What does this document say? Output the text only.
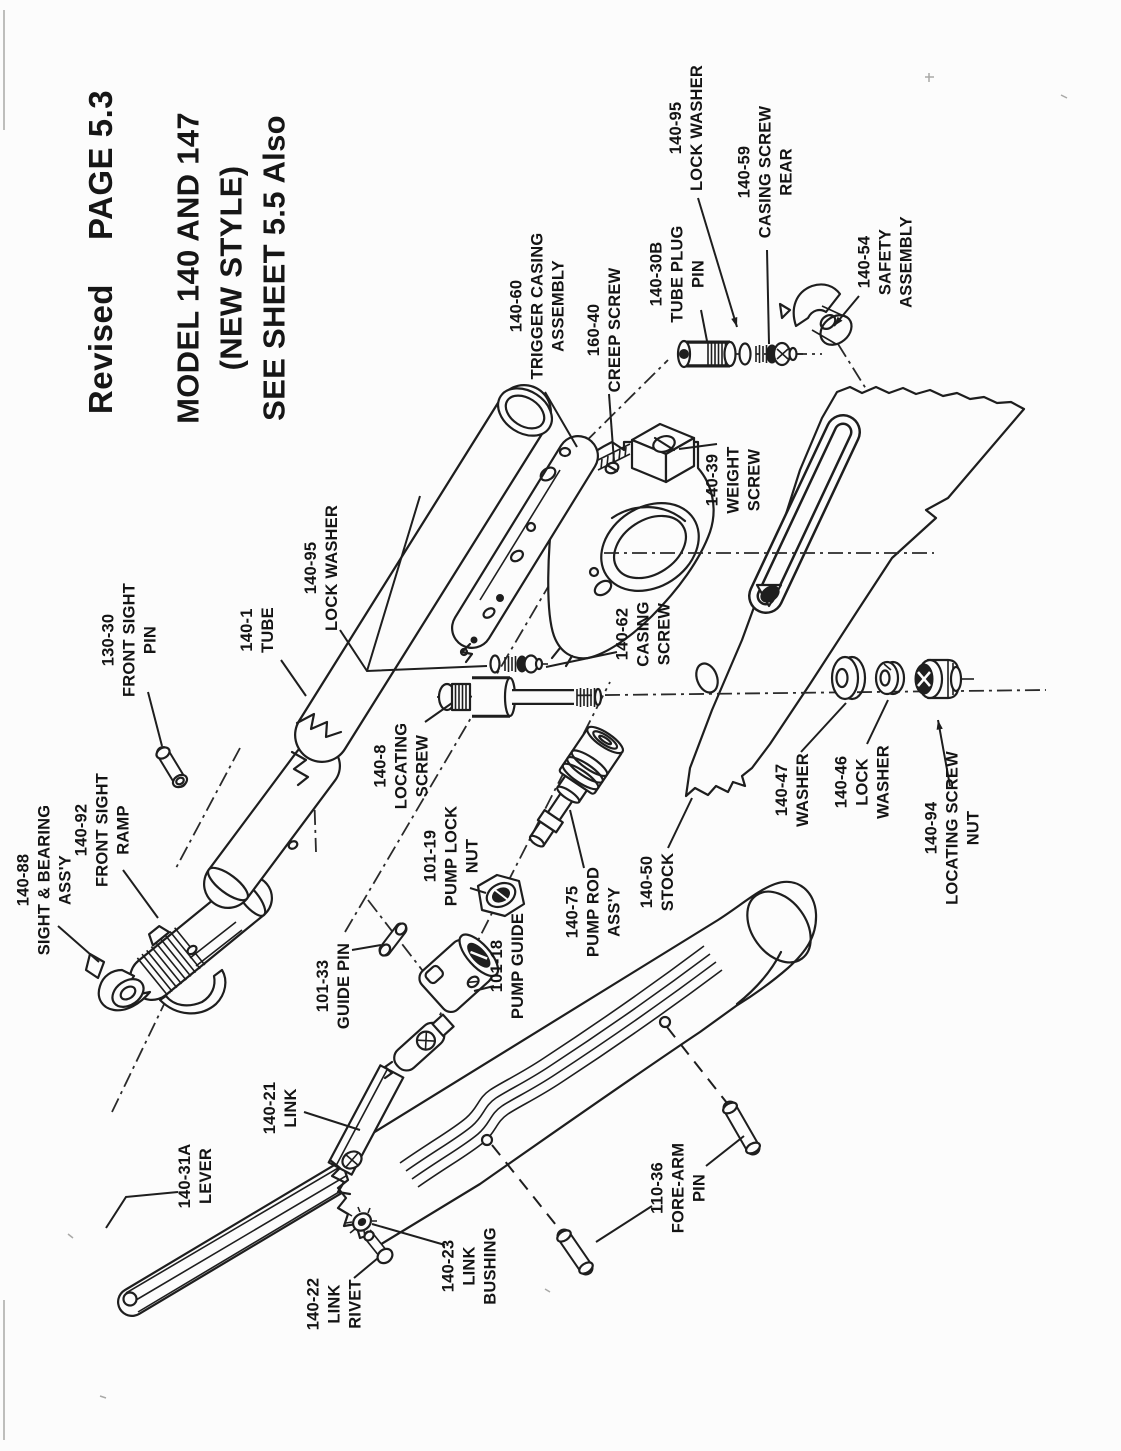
RevisedPAGE 5.3 MODEL 140 AND 147 (NEW STYLE) SEE SHEET 5.5 Also	140-95 LOCK WASHER 140-59 CASING SCREW REAR
140-54 SAFETY ASSEMBLY
140-30B TUBE PLUG PIN
140-60 TRIGGER CASING ASSEMBLY 160-40 CREEP SCREW
140-39 WEIGHT SCREW
140-95 LOCK WASHER
140-1 TUBE
130-30 FRONT SIGHT PIN	140-62 CASING SCREW
140-8 LOCATING SCREW
101-19 PUMP LOCK NUT
140-92 FRONT SIGHT RAMP
140-88 SIGHT & BEARING ASS'Y
140-75 PUMP ROD ASS'Y
140-50 STOCK
140-47 WASHER 140-46 LOCK WASHER
140-94 LOCATING SCREW NUT
101-33 GUIDE PIN	101-18 PUMP GUIDE
140-21 LINK
140-31A LEVER	110-36 FORE-ARM PIN
140-23 LINK BUSHING
140-22 LINK RIVET
